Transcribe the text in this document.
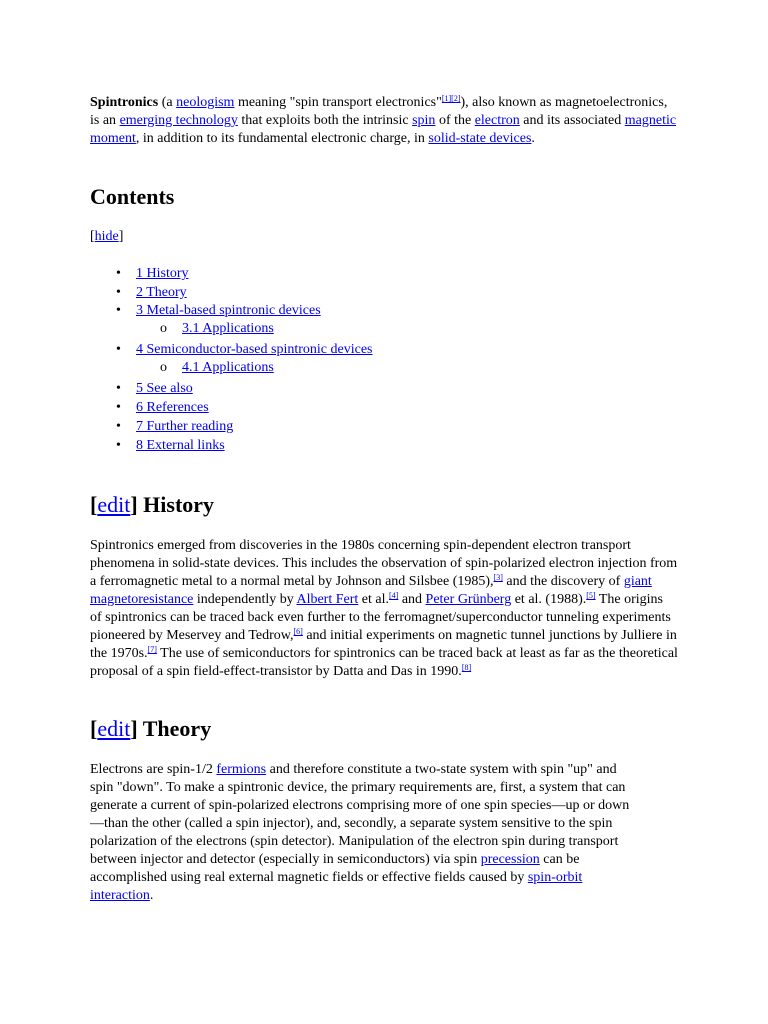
Spintronics (a neologism meaning "spin transport electronics"[1][2]), also known as magnetoelectronics, is an emerging technology that exploits both the intrinsic spin of the electron and its associated magnetic moment, in addition to its fundamental electronic charge, in solid-state devices.

Contents
[hide]
• 1 History
• 2 Theory
• 3 Metal-based spintronic devices
o 3.1 Applications
• 4 Semiconductor-based spintronic devices
o 4.1 Applications
• 5 See also
• 6 References
• 7 Further reading
• 8 External links
[edit] History

Spintronics emerged from discoveries in the 1980s concerning spin-dependent electron transport phenomena in solid-state devices. This includes the observation of spin-polarized electron injection from a ferromagnetic metal to a normal metal by Johnson and Silsbee (1985),[3] and the discovery of giant magnetoresistance independently by Albert Fert et al.[4] and Peter Grünberg et al. (1988).[5] The origins of spintronics can be traced back even further to the ferromagnet/superconductor tunneling experiments pioneered by Meservey and Tedrow,[6] and initial experiments on magnetic tunnel junctions by Julliere in the 1970s.[7] The use of semiconductors for spintronics can be traced back at least as far as the theoretical proposal of a spin field-effect-transistor by Datta and Das in 1990.[8]

[edit] Theory

Electrons are spin-1/2 fermions and therefore constitute a two-state system with spin "up" and spin "down". To make a spintronic device, the primary requirements are, first, a system that can generate a current of spin-polarized electrons comprising more of one spin species—up or down—than the other (called a spin injector), and, secondly, a separate system sensitive to the spin polarization of the electrons (spin detector). Manipulation of the electron spin during transport between injector and detector (especially in semiconductors) via spin precession can be accomplished using real external magnetic fields or effective fields caused by spin-orbit interaction.
